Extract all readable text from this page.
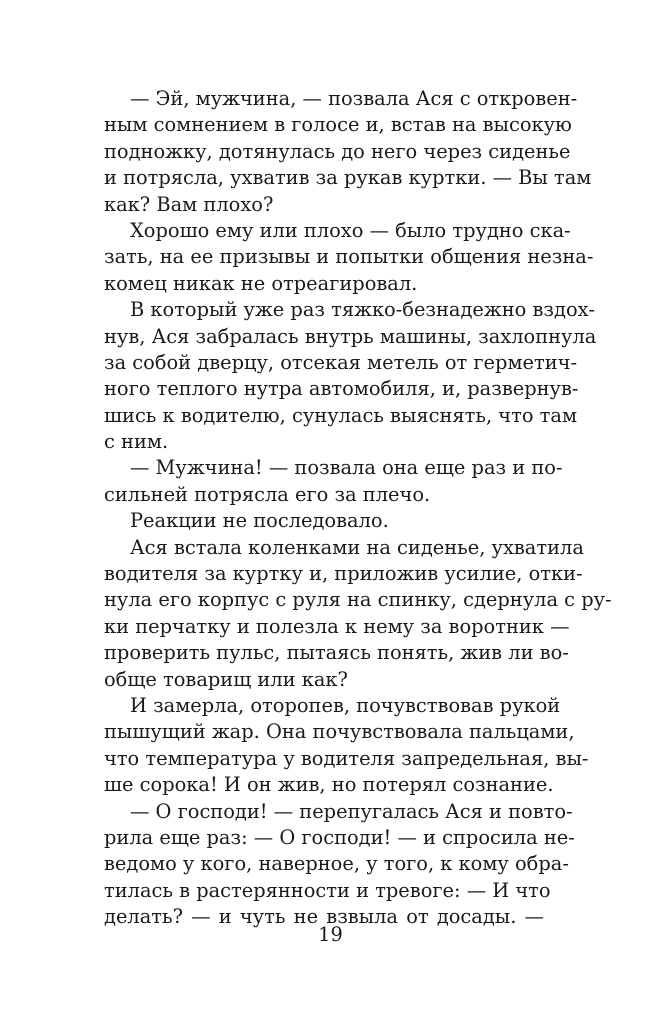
— Эй, мужчина, — позвала Ася с откровен-
ным сомнением в голосе и, встав на высокую
подножку, дотянулась до него через сиденье
и потрясла, ухватив за рукав куртки. — Вы там
как? Вам плохо?
Хорошо ему или плохо — было трудно ска-
зать, на ее призывы и попытки общения незна-
комец никак не отреагировал.
В который уже раз тяжко-безнадежно вздох-
нув, Ася забралась внутрь машины, захлопнула
за собой дверцу, отсекая метель от герметич-
ного теплого нутра автомобиля, и, развернув-
шись к водителю, сунулась выяснять, что там
с ним.
— Мужчина! — позвала она еще раз и по-
сильней потрясла его за плечо.
Реакции не последовало.
Ася встала коленками на сиденье, ухватила
водителя за куртку и, приложив усилие, отки-
нула его корпус с руля на спинку, сдернула с ру-
ки перчатку и полезла к нему за воротник —
проверить пульс, пытаясь понять, жив ли во-
обще товарищ или как?
И замерла, оторопев, почувствовав рукой
пышущий жар. Она почувствовала пальцами,
что температура у водителя запредельная, вы-
ше сорока! И он жив, но потерял сознание.
— О господи! — перепугалась Ася и повто-
рила еще раз: — О господи! — и спросила не-
ведомо у кого, наверное, у того, к кому обра-
тилась в растерянности и тревоге: — И что
делать? — и чуть не взвыла от досады. —
19
